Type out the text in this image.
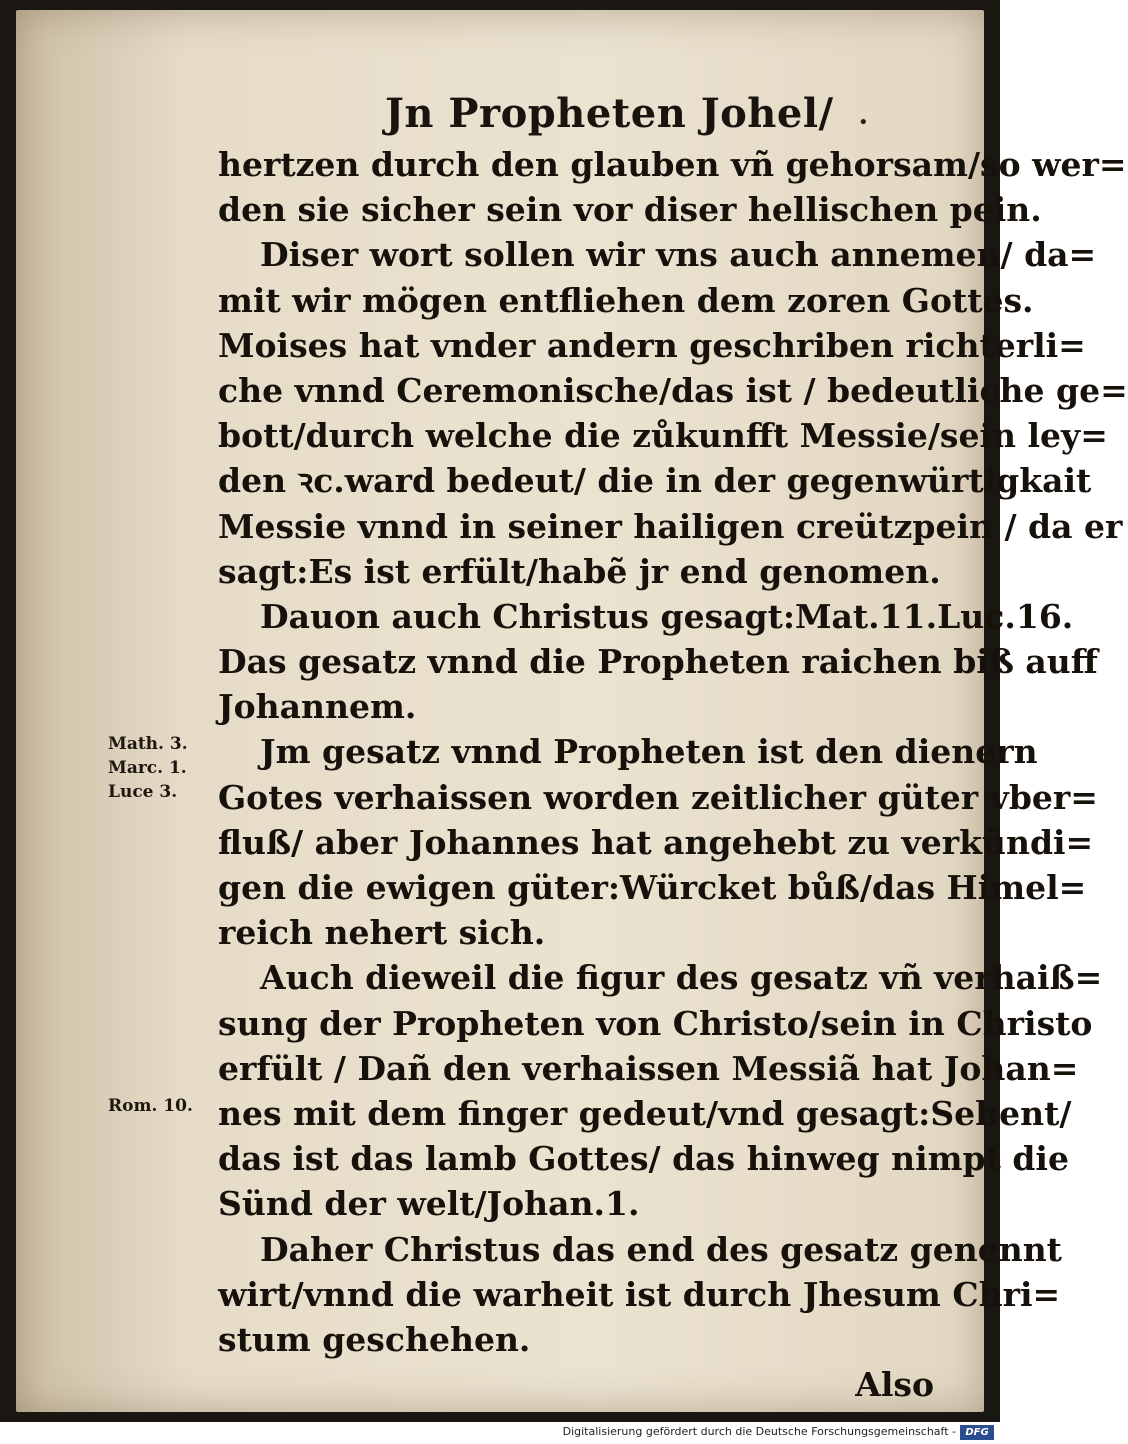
Jn Propheten Johel/ •
hertzen durch den glauben vñ gehorsam/so wer=
den sie sicher sein vor diser hellischen pein.
Diser wort sollen wir vns auch annemen/ da=
mit wir mögen entfliehen dem zoren Gottes.
Moises hat vnder andern geschriben richterli=
che vnnd Ceremonische/das ist / bedeutliche ge=
bott/durch welche die zůkunfft Messie/sein ley=
den ꝛc.ward bedeut/ die in der gegenwürtigkait
Messie vnnd in seiner hailigen creützpein / da er
sagt:Es ist erfült/habẽ jr end genomen.
Dauon auch Christus gesagt:Mat.11.Luc.16.
Das gesatz vnnd die Propheten raichen biß auff
Johannem.
Jm gesatz vnnd Propheten ist den dienern
Gotes verhaissen worden zeitlicher güter vber=
fluß/ aber Johannes hat angehebt zu verkündi=
gen die ewigen güter:Würcket bůß/das Himel=
reich nehert sich.
Auch dieweil die figur des gesatz vñ verhaiß=
sung der Propheten von Christo/sein in Christo
erfült / Dañ den verhaissen Messiã hat Johan=
nes mit dem finger gedeut/vnd gesagt:Sehent/
das ist das lamb Gottes/ das hinweg nimpt die
Sünd der welt/Johan.1.
Daher Christus das end des gesatz genennt
wirt/vnnd die warheit ist durch Jhesum Chri=
stum geschehen.
Also
Math. 3.
Marc. 1.
Luce 3.
Rom. 10.
Digitalisierung gefördert durch die Deutsche Forschungsgemeinschaft - DFG
